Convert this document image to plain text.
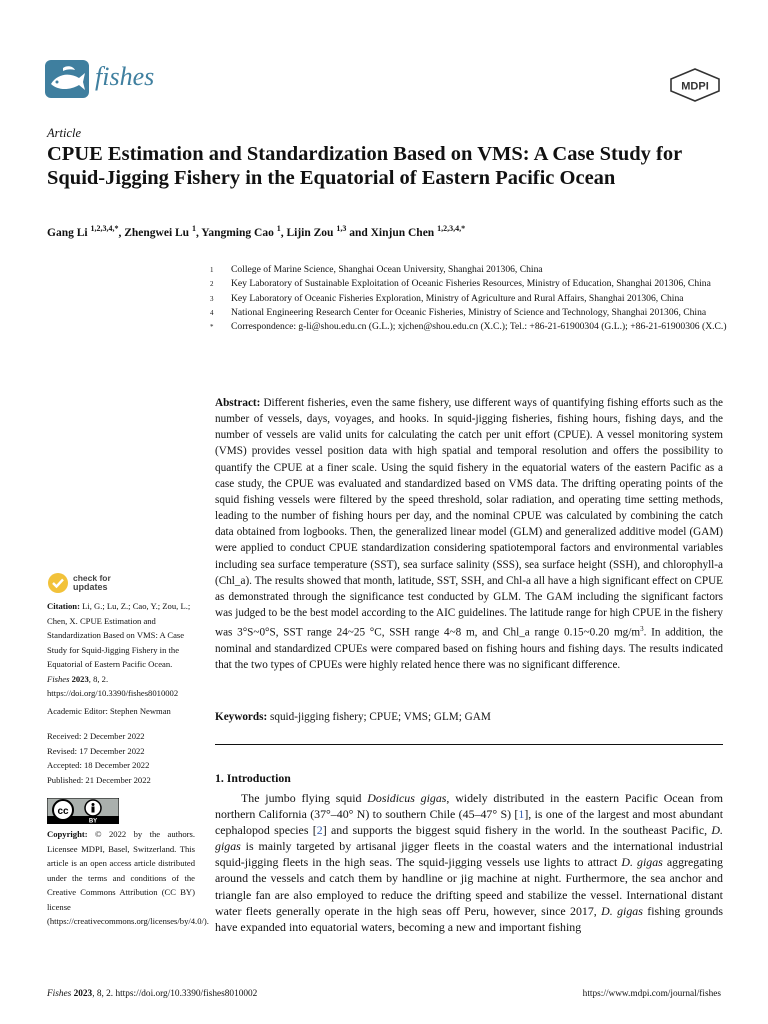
fishes	MDPI
Article
CPUE Estimation and Standardization Based on VMS: A Case Study for Squid-Jigging Fishery in the Equatorial of Eastern Pacific Ocean
Gang Li $^{1,2,3,4,*}$, Zhengwei Lu $^1$, Yangming Cao $^1$, Lijin Zou $^{1,3}$ and Xinjun Chen $^{1,2,3,4,*}$
1	College of Marine Science, Shanghai Ocean University, Shanghai 201306, China
2	Key Laboratory of Sustainable Exploitation of Oceanic Fisheries Resources, Ministry of Education, Shanghai 201306, China
3	Key Laboratory of Oceanic Fisheries Exploration, Ministry of Agriculture and Rural Affairs, Shanghai 201306, China
4	National Engineering Research Center for Oceanic Fisheries, Ministry of Science and Technology, Shanghai 201306, China
*	Correspondence: g-li@shou.edu.cn (G.L.); xjchen@shou.edu.cn (X.C.); Tel.: +86-21-61900304 (G.L.); +86-21-61900306 (X.C.)
Abstract: Different fisheries, even the same fishery, use different ways of quantifying fishing efforts such as the number of vessels, days, voyages, and hooks. In squid-jigging fisheries, fishing hours, fishing days, and the number of vessels are valid units for calculating the catch per unit effort (CPUE). A vessel monitoring system (VMS) provides vessel position data with high spatial and temporal resolution and offers the possibility to quantify the CPUE at a finer scale. Using the squid fishery in the equatorial waters of the eastern Pacific as a case study, the CPUE was evaluated and standardized based on VMS data. The drifting operating points of the squid fishing vessels were filtered by the speed threshold, solar radiation, and operating time setting methods, leading to the number of fishing hours per day, and the nominal CPUE was calculated by combining the catch data obtained from logbooks. Then, the generalized linear model (GLM) and generalized additive model (GAM) were applied to conduct CPUE standardization considering spatiotemporal factors and environmental variables including sea surface temperature (SST), sea surface salinity (SSS), sea surface height (SSH), and chlorophyll-a (Chl_a). The results showed that month, latitude, SST, SSH, and Chl-a all have a high significant effect on CPUE as demonstrated through the significance test conducted by GLM. The GAM including the significant factors was judged to be the best model according to the AIC guidelines. The latitude range for high CPUE in the fishery was 3°S~0°S, SST range 24~25 °C, SSH range 4~8 m, and Chl_a range 0.15~0.20 $mg/m^3$. In addition, the nominal and standardized CPUEs were compared based on fishing hours and fishing days. The results indicated that the two types of CPUEs were highly related hence there was no significant difference.
Keywords: squid-jigging fishery; CPUE; VMS; GLM; GAM
1. Introduction

The jumbo flying squid Dosidicus gigas, widely distributed in the eastern Pacific Ocean from northern California (37°–40° N) to southern Chile (45–47° S) [1], is one of the largest and most abundant cephalopod species [2] and supports the biggest squid fishery in the world. In the southeast Pacific, D. gigas is mainly targeted by artisanal jigger fleets in the coastal waters and the international industrial squid-jigging fleets in the high seas. The squid-jigging vessels use lights to attract D. gigas aggregating around the vessels and catch them by handline or jig machine at night. Furthermore, the sea anchor and triangle fan are also employed to reduce the drifting speed and stabilize the vessel. International distant water fleets generally operate in the high seas off Peru, however, since 2017, D. gigas fishing grounds have expanded into equatorial waters, becoming a new and important fishing

check for
updates
Citation: Li, G.; Lu, Z.; Cao, Y.; Zou, L.; Chen, X. CPUE Estimation and Standardization Based on VMS: A Case Study for Squid-Jigging Fishery in the Equatorial of Eastern Pacific Ocean. Fishes 2023, 8, 2. https://doi.org/10.3390/fishes8010002
Academic Editor: Stephen Newman
Received: 2 December 2022
Revised: 17 December 2022
Accepted: 18 December 2022
Published: 21 December 2022
cc
BY
Copyright: © 2022 by the authors. Licensee MDPI, Basel, Switzerland. This article is an open access article distributed under the terms and conditions of the Creative Commons Attribution (CC BY) license (https://creativecommons.org/licenses/by/4.0/).
Fishes 2023, 8, 2. https://doi.org/10.3390/fishes8010002	https://www.mdpi.com/journal/fishes
